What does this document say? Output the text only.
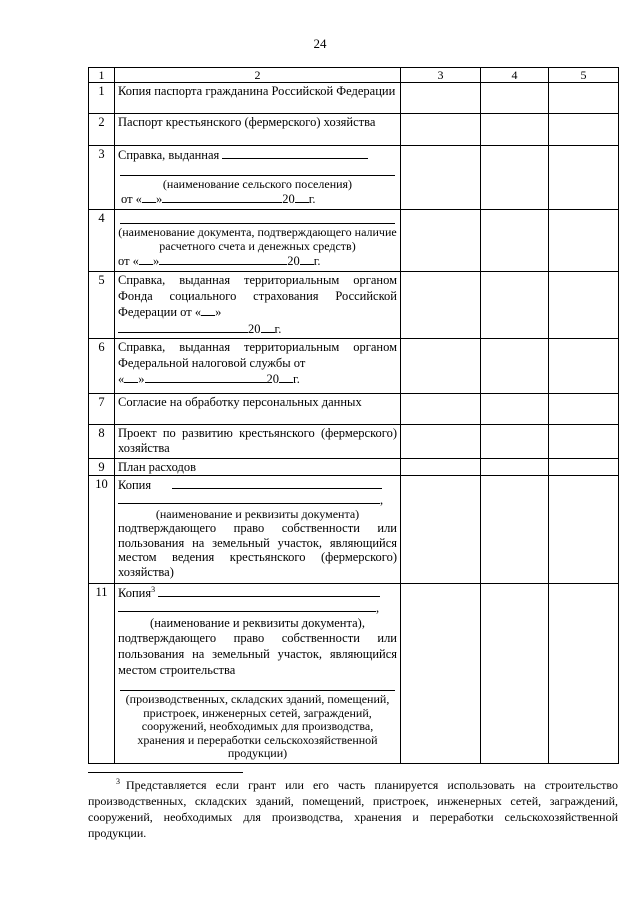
24
1	2	3	4	5
1	Копия паспорта гражданина Российской Федерации			
2	Паспорт крестьянского (фермерского) хозяйства			
3	Справка, выданная
(наименование сельского поселения)
от « » 20 г.			

4	(наименование документа, подтверждающего наличие расчетного счета и денежных средств)
от « » 20 г.			

5	Справка, выданная территориальным органом Фонда социального страхования Российской Федерации от « »
20 г.			

6	Справка, выданная территориальным органом Федеральной налоговой службы от
« » 20 г.			

7	Согласие на обработку персональных данных			
8	Проект по развитию крестьянского (фермерского) хозяйства			
9	План расходов			
10	Копия
,
(наименование и реквизиты документа)
подтверждающего право собственности или пользования на земельный участок, являющийся местом ведения крестьянского (фермерского) хозяйства)			

11	Копия$^3$
,
(наименование и реквизиты документа),
подтверждающего право собственности или пользования на земельный участок, являющийся местом строительства
(производственных, складских зданий, помещений, пристроек, инженерных сетей, заграждений, сооружений, необходимых для производства, хранения и переработки сельскохозяйственной продукции)			

$^3$ Представляется если грант или его часть планируется использовать на строительство производственных, складских зданий, помещений, пристроек, инженерных сетей, заграждений, сооружений, необходимых для производства, хранения и переработки сельскохозяйственной продукции.
